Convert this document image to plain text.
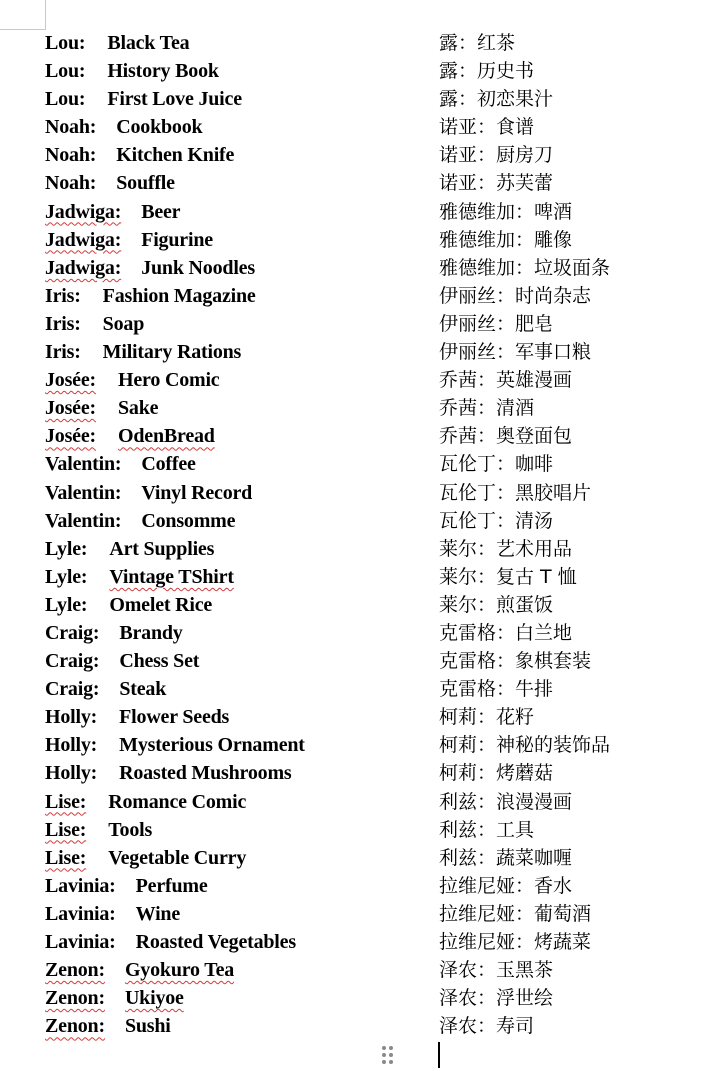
Lou: Black Tea
Lou: History Book
Lou: First Love Juice
Noah: Cookbook
Noah: Kitchen Knife
Noah: Souffle
Jadwiga: Beer
Jadwiga: Figurine
Jadwiga: Junk Noodles
Iris: Fashion Magazine
Iris: Soap
Iris: Military Rations
Josée: Hero Comic
Josée: Sake
Josée: OdenBread
Valentin: Coffee
Valentin: Vinyl Record
Valentin: Consomme
Lyle: Art Supplies
Lyle: Vintage TShirt
Lyle: Omelet Rice
Craig: Brandy
Craig: Chess Set
Craig: Steak
Holly: Flower Seeds
Holly: Mysterious Ornament
Holly: Roasted Mushrooms
Lise: Romance Comic
Lise: Tools
Lise: Vegetable Curry
Lavinia: Perfume
Lavinia: Wine
Lavinia: Roasted Vegetables
Zenon: Gyokuro Tea
Zenon: Ukiyoe
Zenon: Sushi
露：红茶
露：历史书
露：初恋果汁
诺亚：食谱
诺亚：厨房刀
诺亚：苏芙蕾
雅德维加：啤酒
雅德维加：雕像
雅德维加：垃圾面条
伊丽丝：时尚杂志
伊丽丝：肥皂
伊丽丝：军事口粮
乔茜：英雄漫画
乔茜：清酒
乔茜：奥登面包
瓦伦丁：咖啡
瓦伦丁：黑胶唱片
瓦伦丁：清汤
莱尔：艺术用品
莱尔：复古 T 恤
莱尔：煎蛋饭
克雷格：白兰地
克雷格：象棋套装
克雷格：牛排
柯莉：花籽
柯莉：神秘的装饰品
柯莉：烤蘑菇
利兹：浪漫漫画
利兹：工具
利兹：蔬菜咖喱
拉维尼娅：香水
拉维尼娅：葡萄酒
拉维尼娅：烤蔬菜
泽农：玉黑茶
泽农：浮世绘
泽农：寿司
